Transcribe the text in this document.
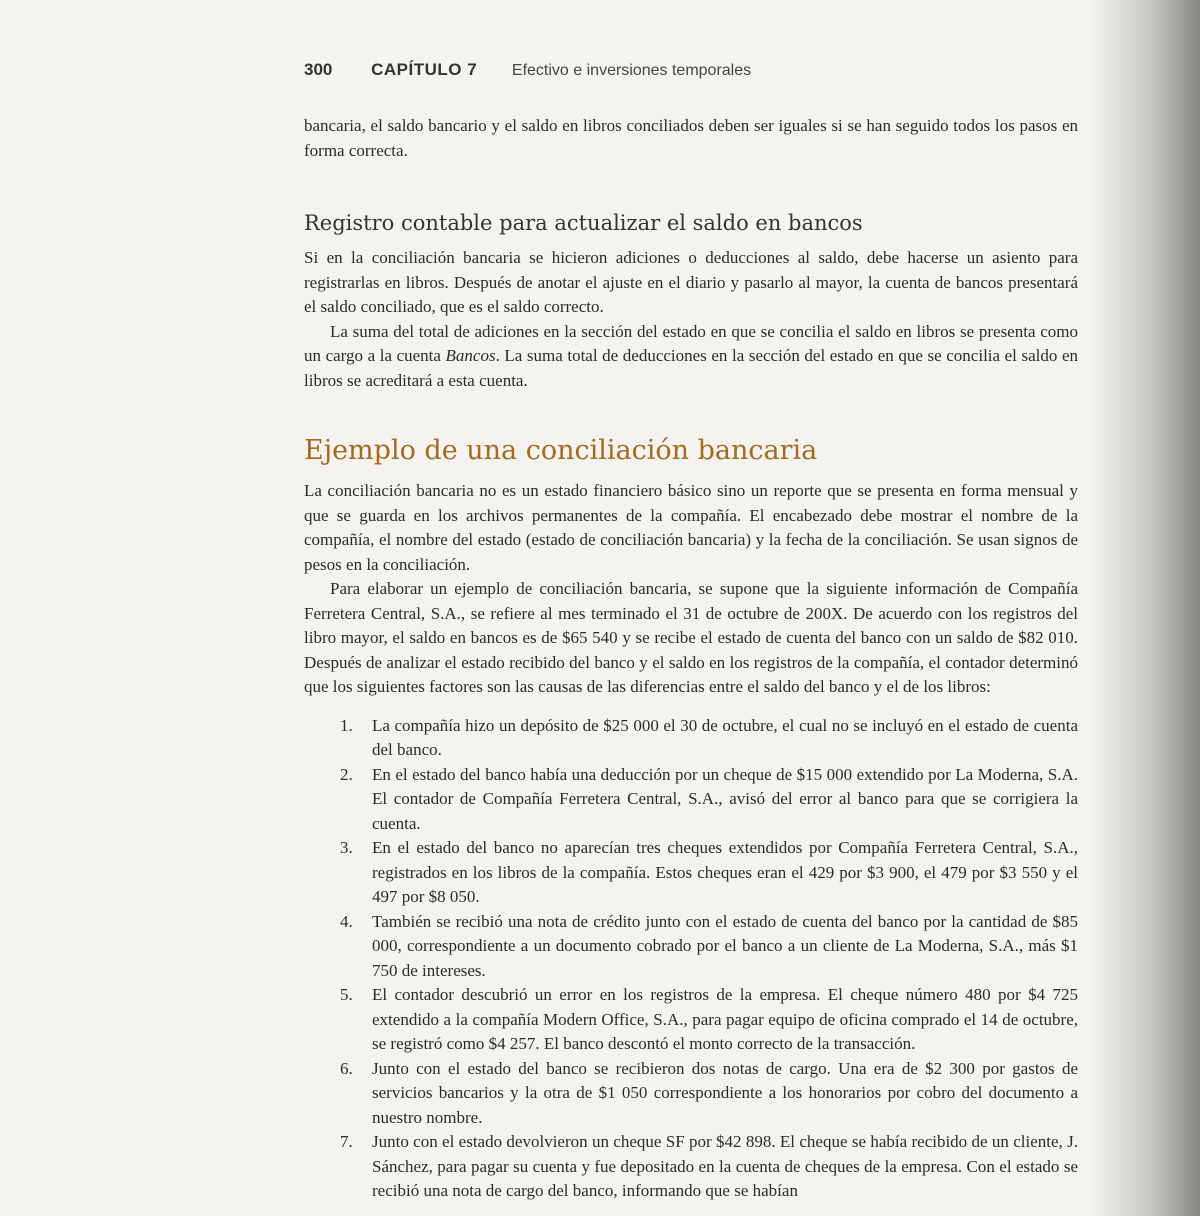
300 CAPÍTULO 7 Efectivo e inversiones temporales

bancaria, el saldo bancario y el saldo en libros conciliados deben ser iguales si se han seguido todos los pasos en forma correcta.

Registro contable para actualizar el saldo en bancos

Si en la conciliación bancaria se hicieron adiciones o deducciones al saldo, debe hacerse un asiento para registrarlas en libros. Después de anotar el ajuste en el diario y pasarlo al mayor, la cuenta de bancos presentará el saldo conciliado, que es el saldo correcto.

La suma del total de adiciones en la sección del estado en que se concilia el saldo en libros se presenta como un cargo a la cuenta Bancos. La suma total de deducciones en la sección del estado en que se concilia el saldo en libros se acreditará a esta cuenta.

Ejemplo de una conciliación bancaria

La conciliación bancaria no es un estado financiero básico sino un reporte que se presenta en forma mensual y que se guarda en los archivos permanentes de la compañía. El encabezado debe mostrar el nombre de la compañía, el nombre del estado (estado de conciliación bancaria) y la fecha de la conciliación. Se usan signos de pesos en la conciliación.

Para elaborar un ejemplo de conciliación bancaria, se supone que la siguiente información de Compañía Ferretera Central, S.A., se refiere al mes terminado el 31 de octubre de 200X. De acuerdo con los registros del libro mayor, el saldo en bancos es de $65 540 y se recibe el estado de cuenta del banco con un saldo de $82 010. Después de analizar el estado recibido del banco y el saldo en los registros de la compañía, el contador determinó que los siguientes factores son las causas de las diferencias entre el saldo del banco y el de los libros:

1. La compañía hizo un depósito de $25 000 el 30 de octubre, el cual no se incluyó en el estado de cuenta del banco.
2. En el estado del banco había una deducción por un cheque de $15 000 extendido por La Moderna, S.A. El contador de Compañía Ferretera Central, S.A., avisó del error al banco para que se corrigiera la cuenta.
3. En el estado del banco no aparecían tres cheques extendidos por Compañía Ferretera Central, S.A., registrados en los libros de la compañía. Estos cheques eran el 429 por $3 900, el 479 por $3 550 y el 497 por $8 050.
4. También se recibió una nota de crédito junto con el estado de cuenta del banco por la cantidad de $85 000, correspondiente a un documento cobrado por el banco a un cliente de La Moderna, S.A., más $1 750 de intereses.
5. El contador descubrió un error en los registros de la empresa. El cheque número 480 por $4 725 extendido a la compañía Modern Office, S.A., para pagar equipo de oficina comprado el 14 de octubre, se registró como $4 257. El banco descontó el monto correcto de la transacción.
6. Junto con el estado del banco se recibieron dos notas de cargo. Una era de $2 300 por gastos de servicios bancarios y la otra de $1 050 correspondiente a los honorarios por cobro del documento a nuestro nombre.
7. Junto con el estado devolvieron un cheque SF por $42 898. El cheque se había recibido de un cliente, J. Sánchez, para pagar su cuenta y fue depositado en la cuenta de cheques de la empresa. Con el estado se recibió una nota de cargo del banco, informando que se habían
